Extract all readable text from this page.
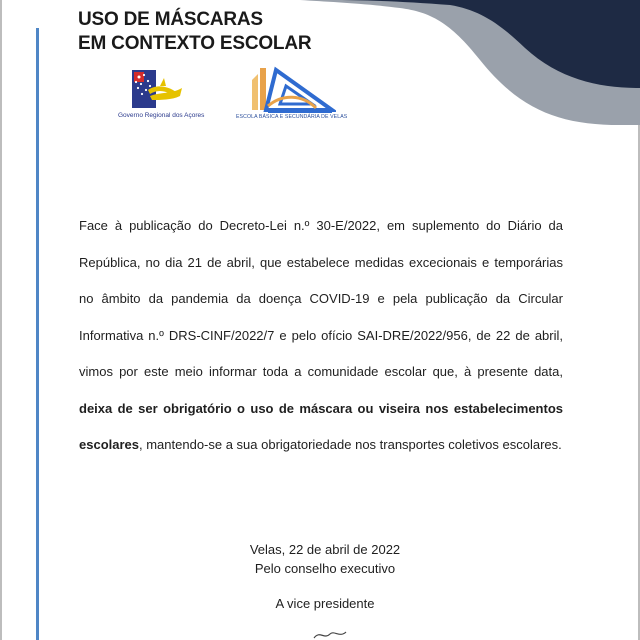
USO DE MÁSCARAS
EM CONTEXTO ESCOLAR
Governo Regional dos Açores	ESCOLA BÁSICA E SECUNDÁRIA DE VELAS

Face à publicação do Decreto-Lei n.º 30-E/2022, em suplemento do Diário da República, no dia 21 de abril, que estabelece medidas excecionais e temporárias no âmbito da pandemia da doença COVID-19 e pela publicação da Circular Informativa n.º DRS-CINF/2022/7 e pelo ofício SAI-DRE/2022/956, de 22 de abril, vimos por este meio informar toda a comunidade escolar que, à presente data, deixa de ser obrigatório o uso de máscara ou viseira nos estabelecimentos escolares, mantendo-se a sua obrigatoriedade nos transportes coletivos escolares.

Velas, 22 de abril de 2022
Pelo conselho executivo
A vice presidente
